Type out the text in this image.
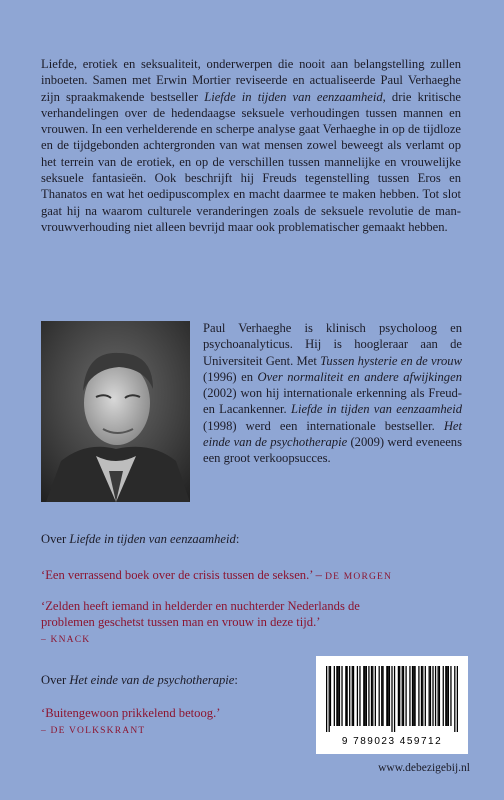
Liefde, erotiek en seksualiteit, onderwerpen die nooit aan belangstelling zullen inboeten. Samen met Erwin Mortier reviseerde en actualiseerde Paul Verhaeghe zijn spraakmakende bestseller Liefde in tijden van eenzaamheid, drie kritische verhandelingen over de hedendaagse seksuele verhoudingen tussen mannen en vrouwen. In een verhelderende en scherpe analyse gaat Verhaeghe in op de tijdloze en de tijdgebonden achtergronden van wat mensen zowel beweegt als verlamt op het terrein van de erotiek, en op de verschillen tussen mannelijke en vrouwelijke seksuele fantasieën. Ook beschrijft hij Freuds tegenstelling tussen Eros en Thanatos en wat het oedipuscomplex en macht daarmee te maken hebben. Tot slot gaat hij na waarom culturele veranderingen zoals de seksuele revolutie de man-vrouwverhouding niet alleen bevrijd maar ook problematischer gemaakt hebben.
Paul Verhaeghe is klinisch psycholoog en psychoanalyticus. Hij is hoogleraar aan de Universiteit Gent. Met Tussen hysterie en de vrouw (1996) en Over normaliteit en andere afwijkingen (2002) won hij internationale erkenning als Freud- en Lacankenner. Liefde in tijden van eenzaamheid (1998) werd een internationale bestseller. Het einde van de psychotherapie (2009) werd eveneens een groot verkoopsucces.
Over Liefde in tijden van eenzaamheid:
‘Een verrassend boek over de crisis tussen de seksen.’ – DE MORGEN
‘Zelden heeft iemand in helderder en nuchterder Nederlands de problemen geschetst tussen man en vrouw in deze tijd.’
– KNACK
Over Het einde van de psychotherapie:
‘Buitengewoon prikkelend betoog.’
– DE VOLKSKRANT
9 789023 459712
www.debezigebij.nl
